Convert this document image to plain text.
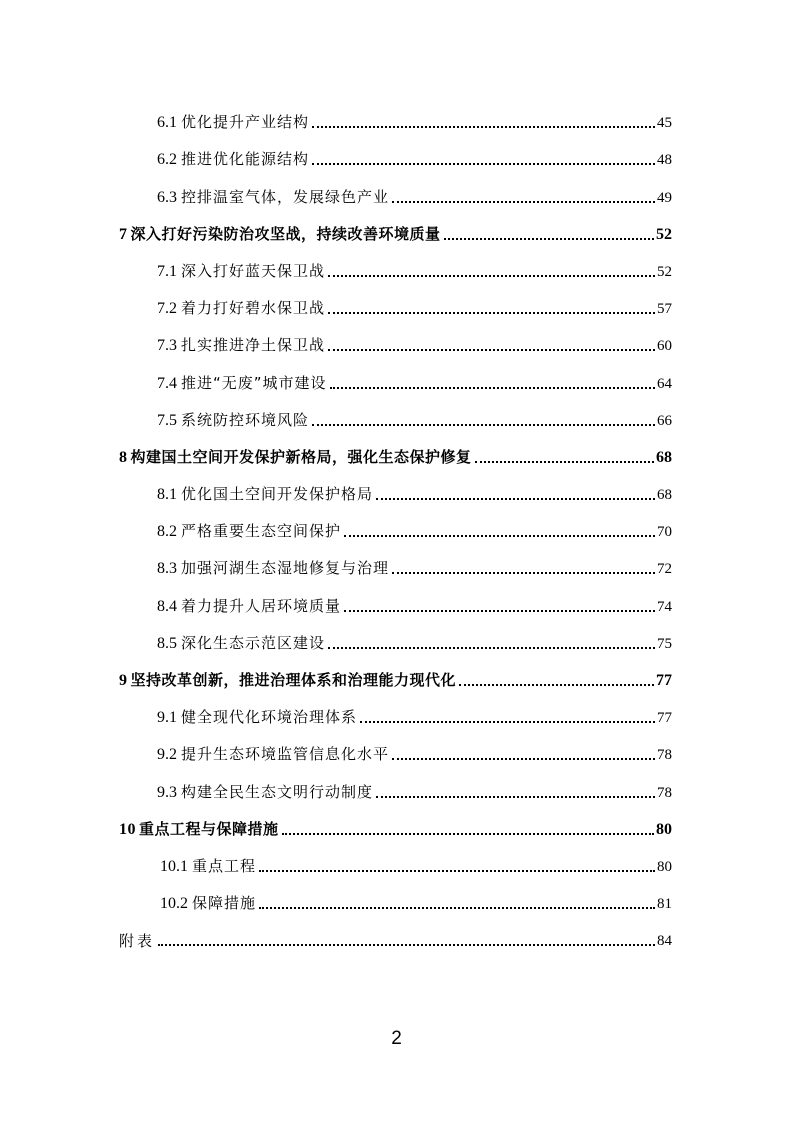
6.1 优化提升产业结构	45
6.2 推进优化能源结构	48
6.3 控排温室气体，发展绿色产业	49
7 深入打好污染防治攻坚战，持续改善环境质量	52
7.1 深入打好蓝天保卫战	52
7.2 着力打好碧水保卫战	57
7.3 扎实推进净土保卫战	60
7.4 推进“无废”城市建设	64
7.5 系统防控环境风险	66
8 构建国土空间开发保护新格局，强化生态保护修复	68
8.1 优化国土空间开发保护格局	68
8.2 严格重要生态空间保护	70
8.3 加强河湖生态湿地修复与治理	72
8.4 着力提升人居环境质量	74
8.5 深化生态示范区建设	75
9 坚持改革创新，推进治理体系和治理能力现代化	77
9.1 健全现代化环境治理体系	77
9.2 提升生态环境监管信息化水平	78
9.3 构建全民生态文明行动制度	78
10 重点工程与保障措施	80
10.1 重点工程	80
10.2 保障措施	81
附表	84
2
